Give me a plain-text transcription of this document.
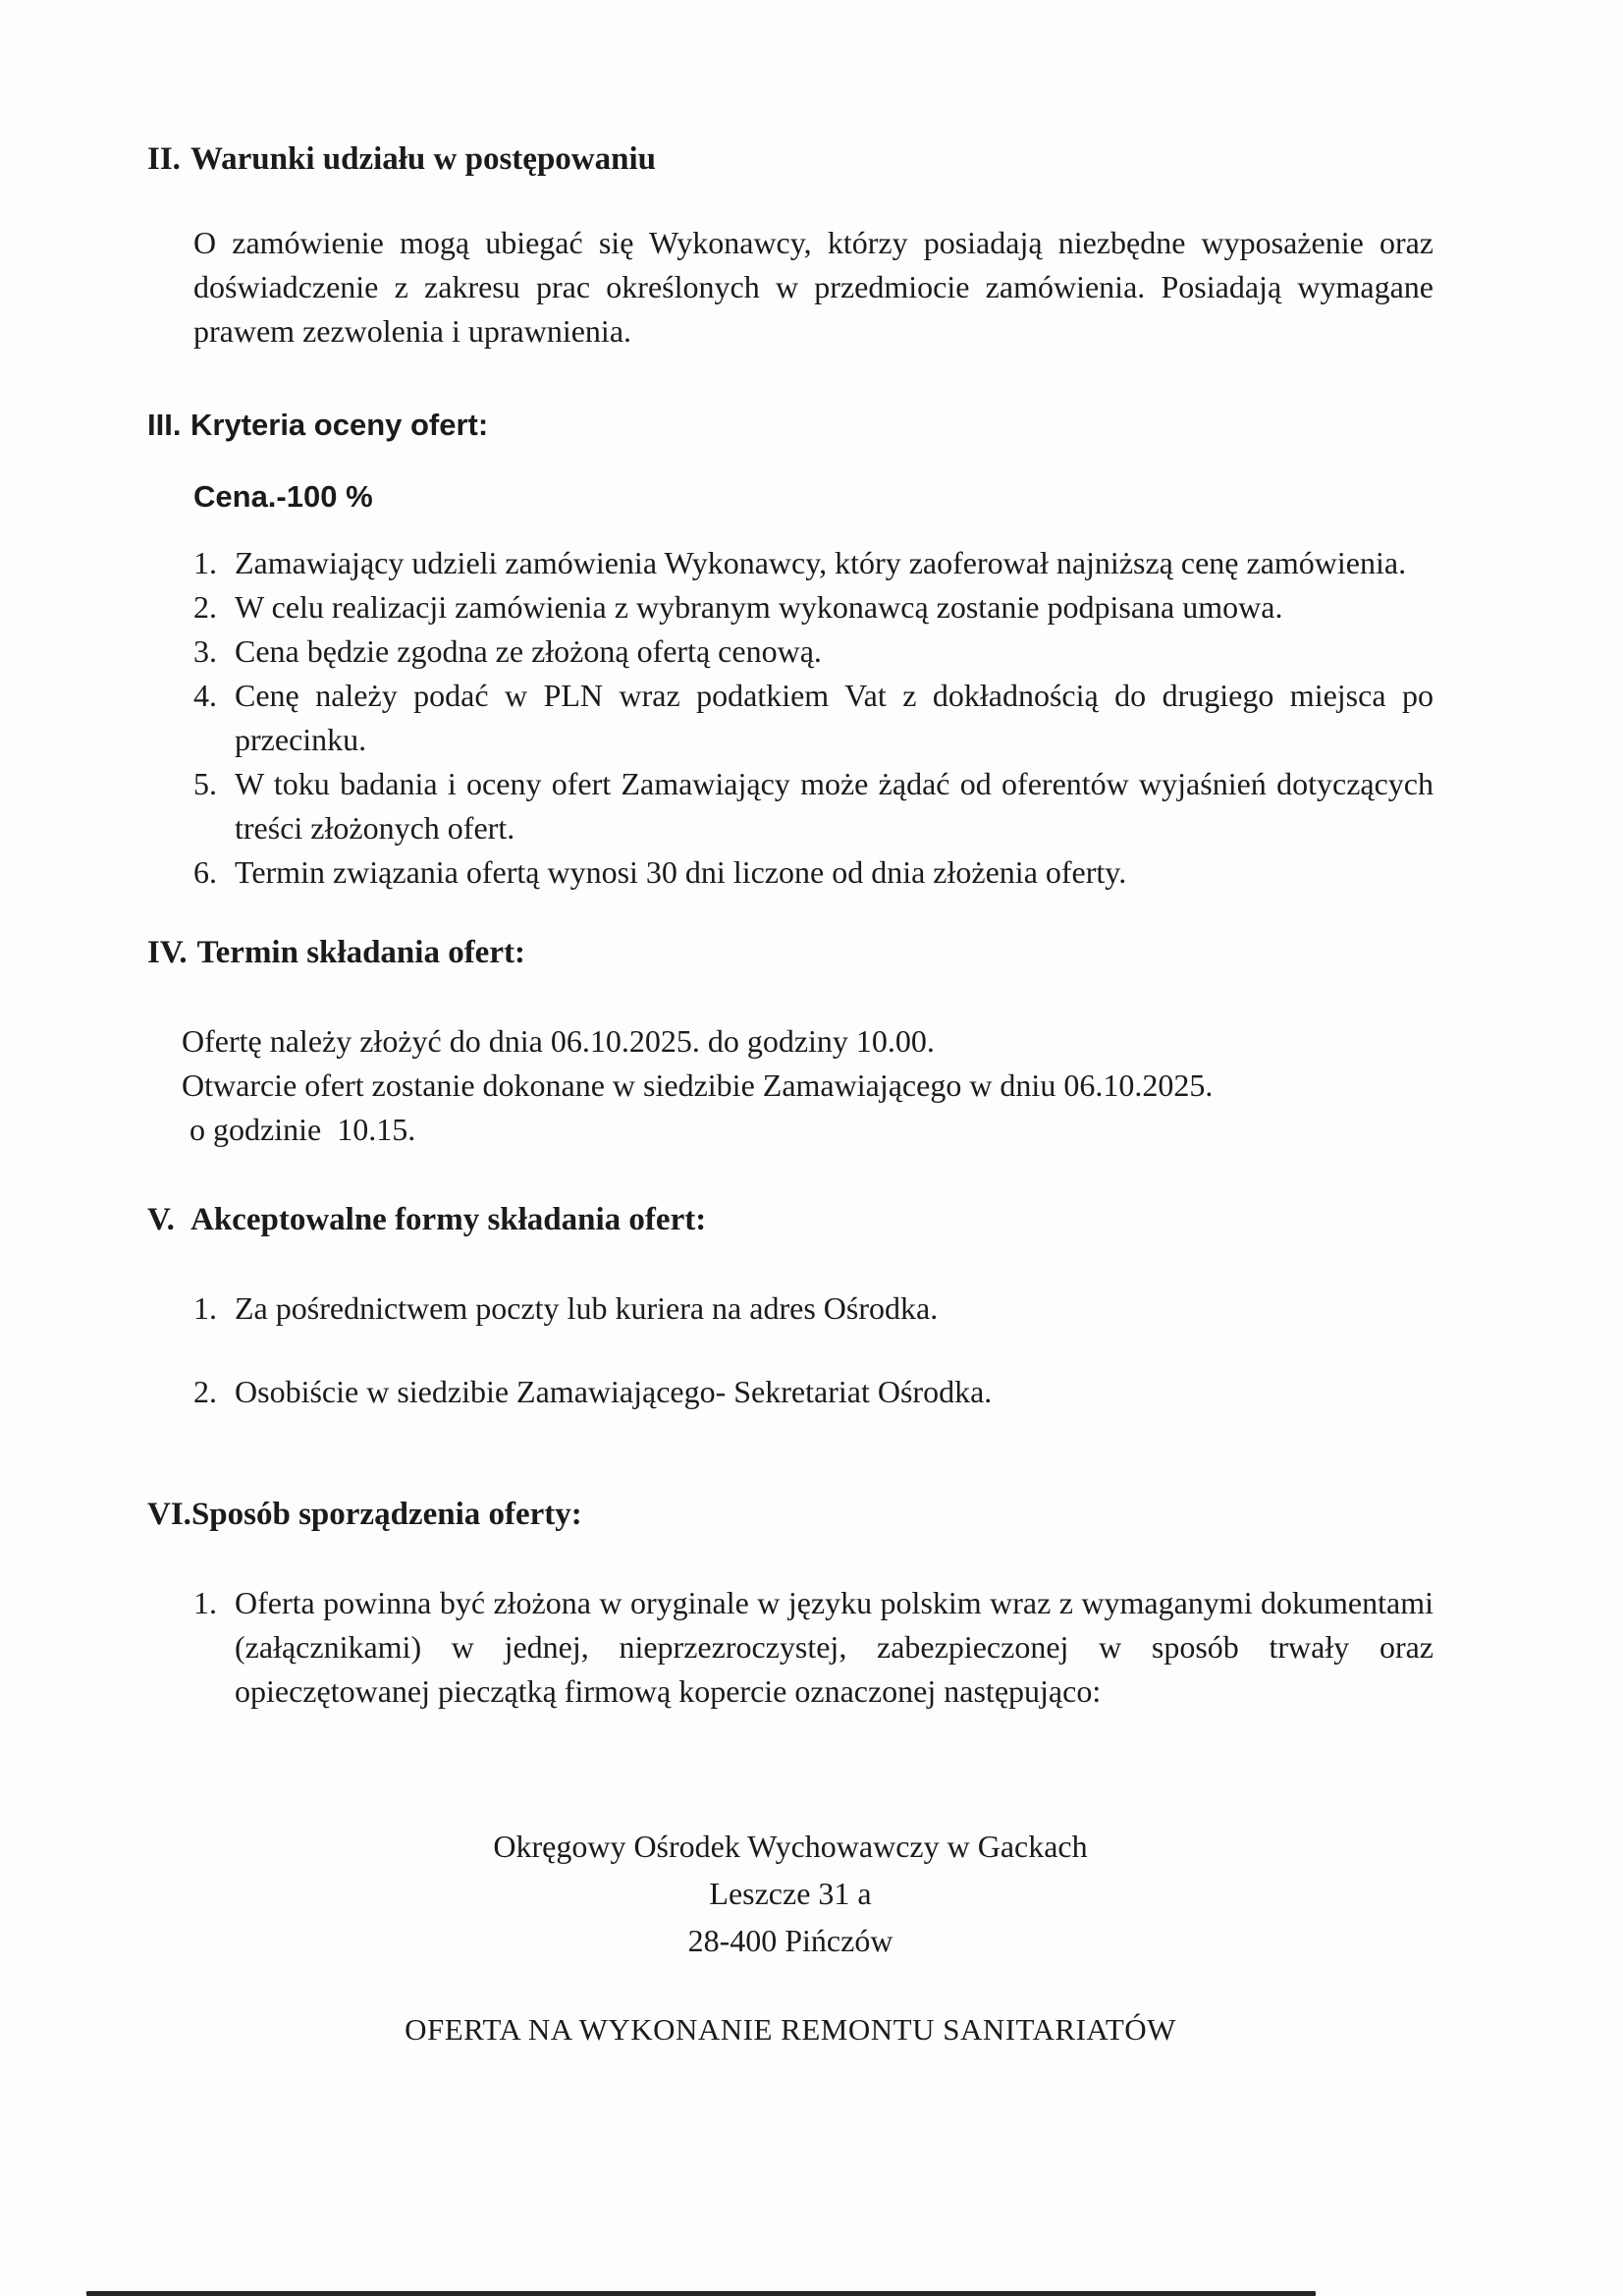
II. Warunki udziału w postępowaniu
O zamówienie mogą ubiegać się Wykonawcy, którzy posiadają niezbędne wyposażenie oraz doświadczenie z zakresu prac określonych w przedmiocie zamówienia. Posiadają wymagane prawem zezwolenia i uprawnienia.
III. Kryteria oceny ofert:
Cena.-100 %
1. Zamawiający udzieli zamówienia Wykonawcy, który zaoferował najniższą cenę zamówienia.
2. W celu realizacji zamówienia z wybranym wykonawcą zostanie podpisana umowa.
3. Cena będzie zgodna ze złożoną ofertą cenową.
4. Cenę należy podać w PLN wraz podatkiem Vat z dokładnością do drugiego miejsca po przecinku.
5. W toku badania i oceny ofert Zamawiający może żądać od oferentów wyjaśnień dotyczących treści złożonych ofert.
6. Termin związania ofertą wynosi 30 dni liczone od dnia złożenia oferty.
IV. Termin składania ofert:
Ofertę należy złożyć do dnia 06.10.2025. do godziny 10.00.
Otwarcie ofert zostanie dokonane w siedzibie Zamawiającego w dniu 06.10.2025.
o godzinie  10.15.
V. Akceptowalne formy składania ofert:
1. Za pośrednictwem poczty lub kuriera na adres Ośrodka.
2. Osobiście w siedzibie Zamawiającego- Sekretariat Ośrodka.
VI. Sposób sporządzenia oferty:
1. Oferta powinna być złożona w oryginale w języku polskim wraz z wymaganymi dokumentami (załącznikami) w jednej, nieprzezroczystej, zabezpieczonej w sposób trwały oraz opieczętowanej pieczątką firmową kopercie oznaczonej następująco:
Okręgowy Ośrodek Wychowawczy w Gackach
Leszcze 31 a
28-400 Pińczów
OFERTA NA WYKONANIE REMONTU SANITARIATÓW
